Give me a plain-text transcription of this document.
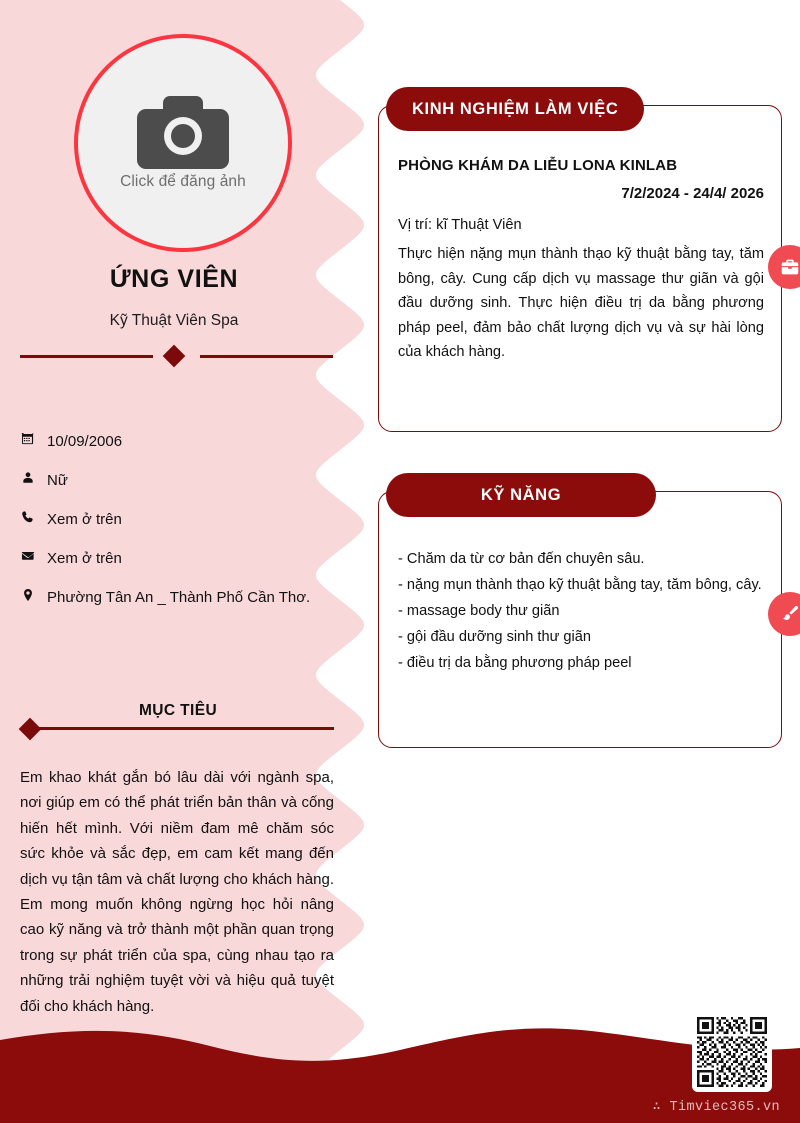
Click để đăng ảnh
ỨNG VIÊN
Kỹ Thuật Viên Spa
10/09/2006
Nữ
Xem ở trên
Xem ở trên
Phường Tân An _ Thành Phố Cần Thơ.
MỤC TIÊU
Em khao khát gắn bó lâu dài với ngành spa, nơi giúp em có thể phát triển bản thân và cống hiến hết mình. Với niềm đam mê chăm sóc sức khỏe và sắc đẹp, em cam kết mang đến dịch vụ tận tâm và chất lượng cho khách hàng. Em mong muốn không ngừng học hỏi nâng cao kỹ năng và trở thành một phần quan trọng trong sự phát triển của spa, cùng nhau tạo ra những trải nghiệm tuyệt vời và hiệu quả tuyệt đối cho khách hàng.
KINH NGHIỆM LÀM VIỆC
PHÒNG KHÁM DA LIỄU LONA KINLAB
7/2/2024 - 24/4/ 2026
Vị trí: kĩ Thuật Viên
Thực hiện nặng mụn thành thạo kỹ thuật bằng tay, tăm bông, cây. Cung cấp dịch vụ massage thư giãn và gội đầu dưỡng sinh. Thực hiện điều trị da bằng phương pháp peel, đảm bảo chất lượng dịch vụ và sự hài lòng của khách hàng.
KỸ NĂNG
- Chăm da từ cơ bản đến chuyên sâu.
- nặng mụn thành thạo kỹ thuật bằng tay, tăm bông, cây.
- massage body thư giãn
- gội đầu dưỡng sinh thư giãn
- điều trị da bằng phương pháp peel
∴ Timviec365.vn
